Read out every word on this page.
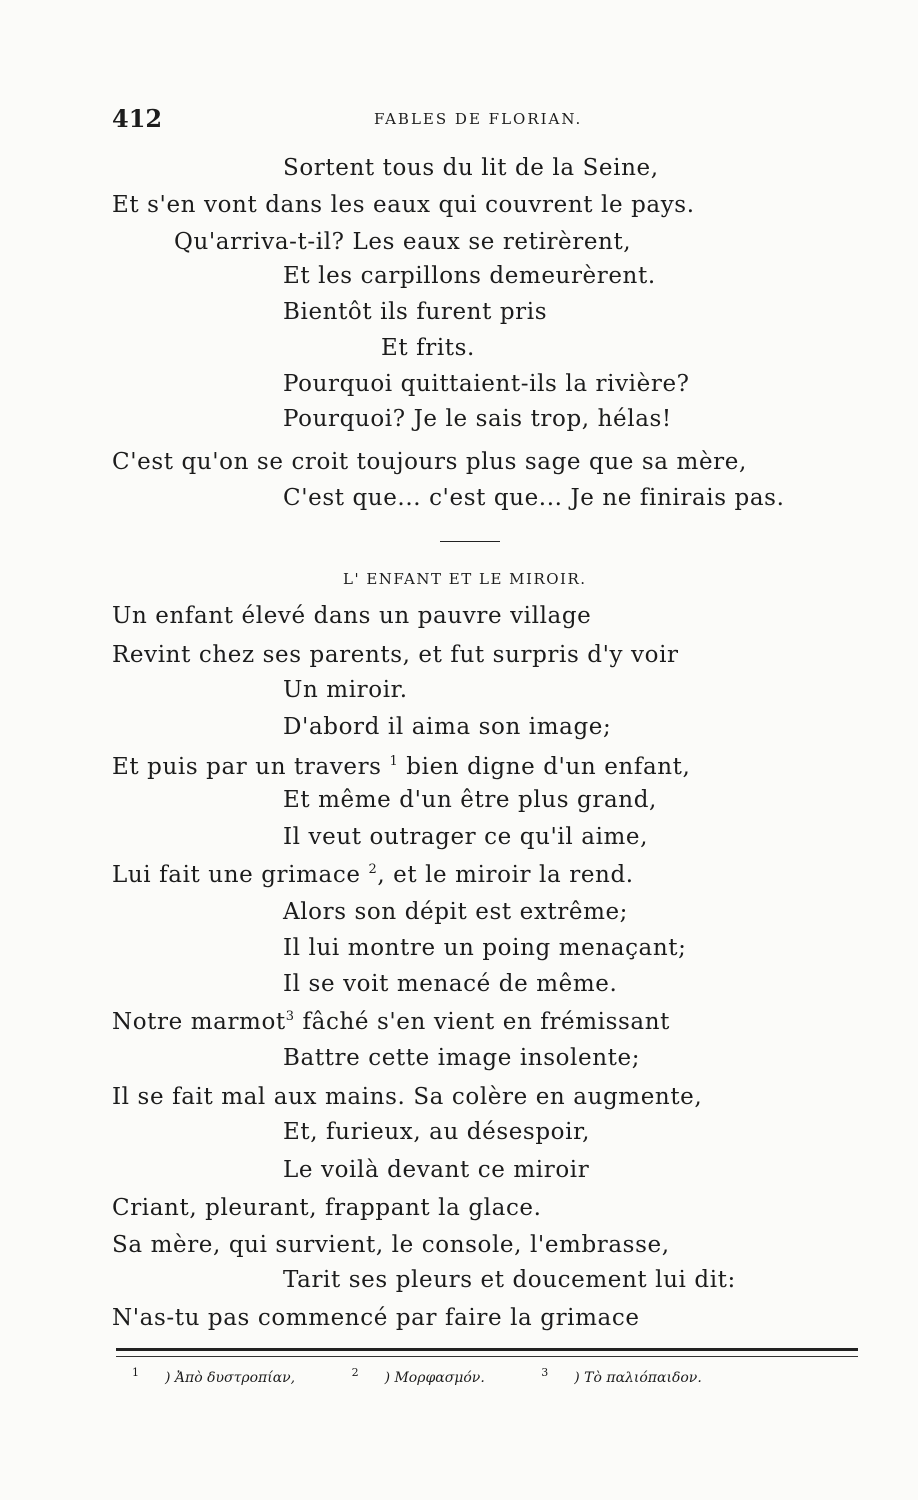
412	FABLES DE FLORIAN.
Sortent tous du lit de la Seine,
Et s'en vont dans les eaux qui couvrent le pays.
Qu'arriva-t-il? Les eaux se retirèrent,
Et les carpillons demeurèrent.
Bientôt ils furent pris
Et frits.
Pourquoi quittaient-ils la rivière?
Pourquoi? Je le sais trop, hélas!
C'est qu'on se croit toujours plus sage que sa mère,
C'est que... c'est que... Je ne finirais pas.
L' ENFANT ET LE MIROIR.
Un enfant élevé dans un pauvre village
Revint chez ses parents, et fut surpris d'y voir
Un miroir.
D'abord il aima son image;
Et puis par un travers $^1$ bien digne d'un enfant,
Et même d'un être plus grand,
Il veut outrager ce qu'il aime,
Lui fait une grimace $^2$, et le miroir la rend.
Alors son dépit est extrême;
Il lui montre un poing menaçant;
Il se voit menacé de même.
Notre marmot$^3$ fâché s'en vient en frémissant
Battre cette image insolente;
Il se fait mal aux mains. Sa colère en augmente,
Et, furieux, au désespoir,
Le voilà devant ce miroir
Criant, pleurant, frappant la glace.
Sa mère, qui survient, le console, l'embrasse,
Tarit ses pleurs et doucement lui dit:
N'as-tu pas commencé par faire la grimace
$^1$ ) Ἀπὸ δυστροπίαν,	$^2$ ) Μορφασμόν.	$^3$ ) Τὸ παλιόπαιδον.
